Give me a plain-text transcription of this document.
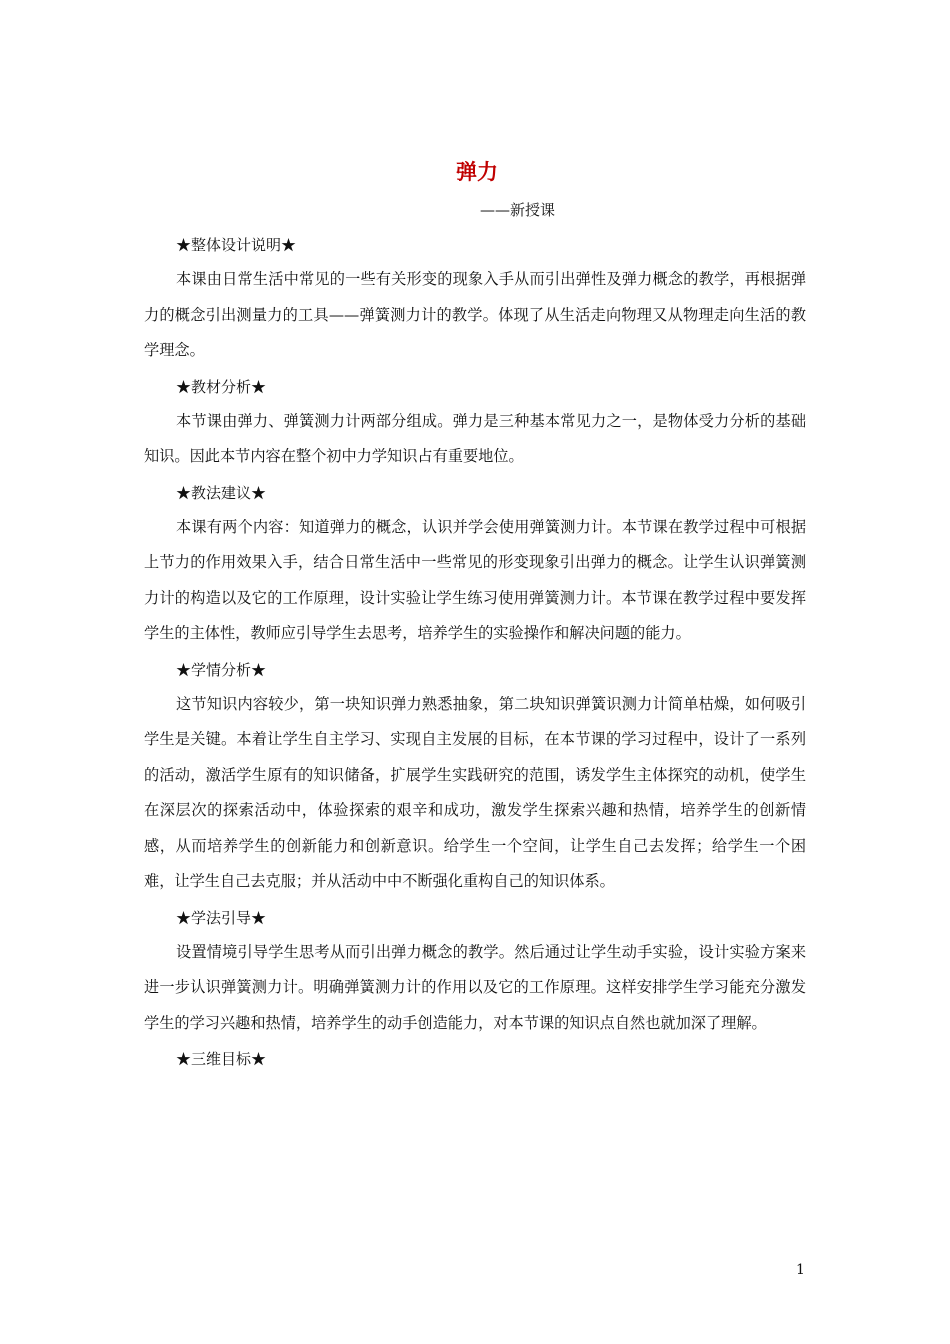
弹力
——新授课
★整体设计说明★

本课由日常生活中常见的一些有关形变的现象入手从而引出弹性及弹力概念的教学，再根据弹力的概念引出测量力的工具——弹簧测力计的教学。体现了从生活走向物理又从物理走向生活的教学理念。

★教材分析★

本节课由弹力、弹簧测力计两部分组成。弹力是三种基本常见力之一，是物体受力分析的基础知识。因此本节内容在整个初中力学知识占有重要地位。

★教法建议★

本课有两个内容：知道弹力的概念，认识并学会使用弹簧测力计。本节课在教学过程中可根据上节力的作用效果入手，结合日常生活中一些常见的形变现象引出弹力的概念。让学生认识弹簧测力计的构造以及它的工作原理，设计实验让学生练习使用弹簧测力计。本节课在教学过程中要发挥学生的主体性，教师应引导学生去思考，培养学生的实验操作和解决问题的能力。

★学情分析★

这节知识内容较少，第一块知识弹力熟悉抽象，第二块知识弹簧识测力计简单枯燥，如何吸引学生是关键。本着让学生自主学习、实现自主发展的目标，在本节课的学习过程中，设计了一系列的活动，激活学生原有的知识储备，扩展学生实践研究的范围，诱发学生主体探究的动机，使学生在深层次的探索活动中，体验探索的艰辛和成功，激发学生探索兴趣和热情，培养学生的创新情感，从而培养学生的创新能力和创新意识。给学生一个空间，让学生自己去发挥；给学生一个困难，让学生自己去克服；并从活动中中不断强化重构自己的知识体系。

★学法引导★

设置情境引导学生思考从而引出弹力概念的教学。然后通过让学生动手实验，设计实验方案来进一步认识弹簧测力计。明确弹簧测力计的作用以及它的工作原理。这样安排学生学习能充分激发学生的学习兴趣和热情，培养学生的动手创造能力，对本节课的知识点自然也就加深了理解。

★三维目标★
1
